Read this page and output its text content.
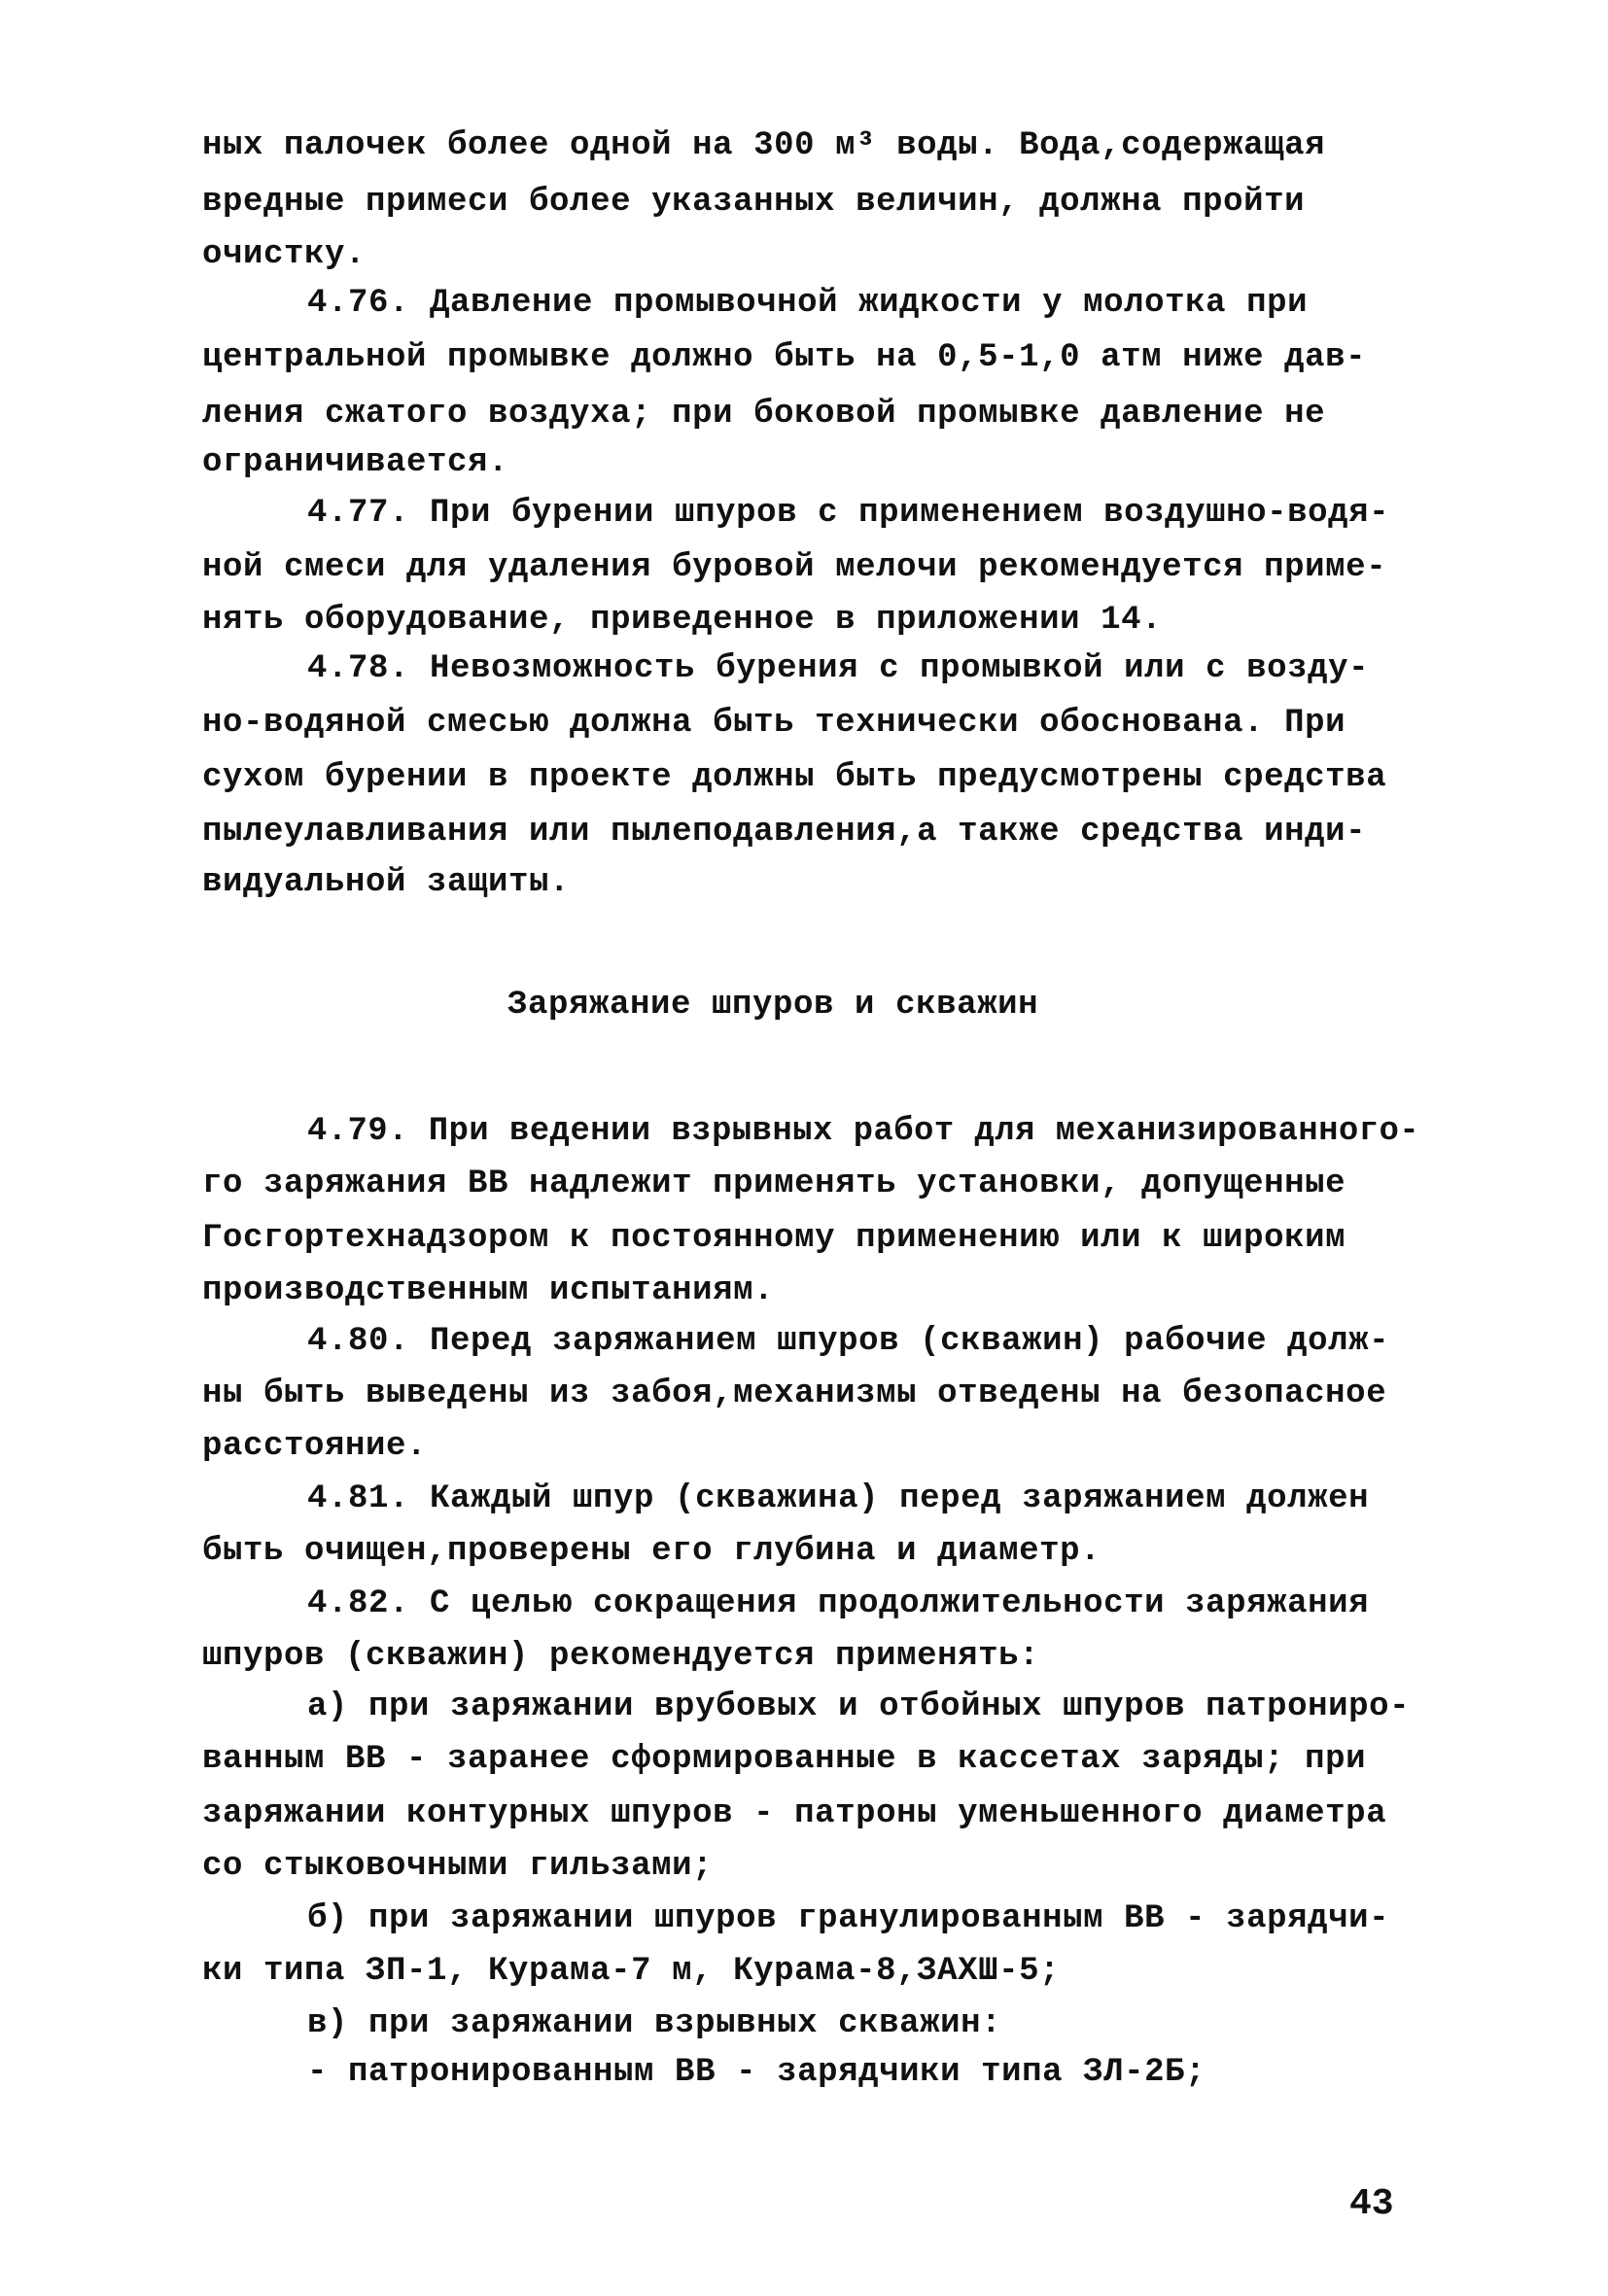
ных палочек более одной на 300 м³ воды. Вода,содержащая
вредные примеси более указанных величин, должна пройти
очистку.
4.76. Давление промывочной жидкости у молотка при
центральной промывке должно быть на 0,5-1,0 атм ниже дав-
ления сжатого воздуха; при боковой промывке давление не
ограничивается.
4.77. При бурении шпуров с применением воздушно-водя-
ной смеси для удаления буровой мелочи рекомендуется приме-
нять оборудование, приведенное в приложении 14.
4.78. Невозможность бурения с промывкой или с возду-
но-водяной смесью должна быть технически обоснована. При
сухом бурении в проекте должны быть предусмотрены средства
пылеулавливания или пылеподавления,а также средства инди-
видуальной защиты.
Заряжание шпуров и скважин
4.79. При ведении взрывных работ для механизированного-
го заряжания ВВ надлежит применять установки, допущенные
Госгортехнадзором к постоянному применению или к широким
производственным испытаниям.
4.80. Перед заряжанием шпуров (скважин) рабочие долж-
ны быть выведены из забоя,механизмы отведены на безопасное
расстояние.
4.81. Каждый шпур (скважина) перед заряжанием должен
быть очищен,проверены его глубина и диаметр.
4.82. С целью сокращения продолжительности заряжания
шпуров (скважин) рекомендуется применять:
а) при заряжании врубовых и отбойных шпуров патрониро-
ванным ВВ - заранее сформированные в кассетах заряды; при
заряжании контурных шпуров - патроны уменьшенного диаметра
со стыковочными гильзами;
б) при заряжании шпуров гранулированным ВВ - зарядчи-
ки типа ЗП-1, Курама-7 м, Курама-8,ЗАХШ-5;
в) при заряжании взрывных скважин:
- патронированным ВВ - зарядчики типа ЗЛ-2Б;
43
